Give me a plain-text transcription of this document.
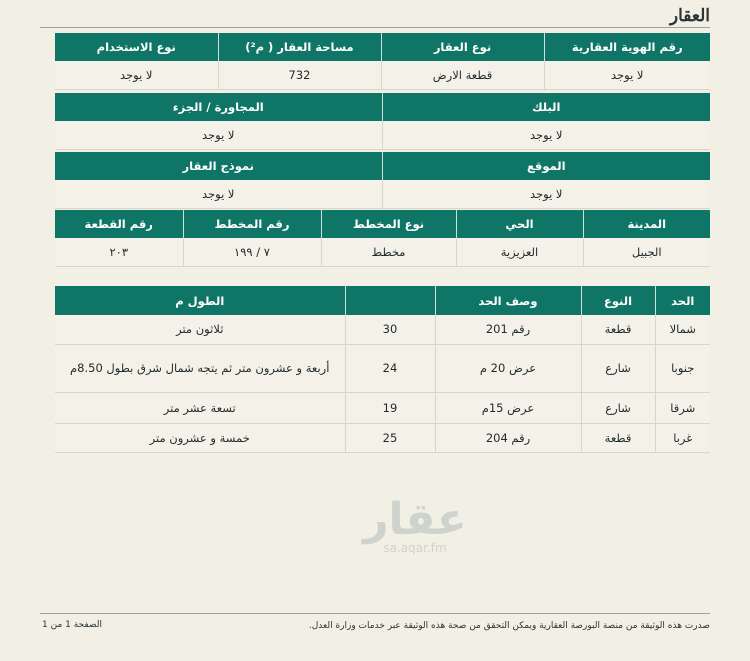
العقار
رقم الهوية العقارية	نوع العقار	مساحة العقار ( م²)	نوع الاستخدام
لا يوجد	قطعة الارض	732	لا يوجد
البلك	المجاورة / الجزء
لا يوجد	لا يوجد
الموقع	نموذج العقار
لا يوجد	لا يوجد
المدينة	الحي	نوع المخطط	رقم المخطط	رقم القطعة
الجبيل	العزيزية	مخطط	٧ / ١٩٩	٢٠٣
الحد	النوع	وصف الحد		الطول م
شمالا	قطعة	رقم 201	30	ثلاثون متر
جنوبا	شارع	عرض 20 م	24	أربعة و عشرون متر ثم يتجه شمال شرق بطول 8.50م
شرقا	شارع	عرض 15م	19	تسعة عشر متر
غربا	قطعة	رقم 204	25	خمسة و عشرون متر
عقار
sa.aqar.fm
صدرت هذه الوثيقة من منصة البورصة العقارية ويمكن التحقق من صحة هذه الوثيقة عبر خدمات وزارة العدل.
الصفحة 1 من 1
